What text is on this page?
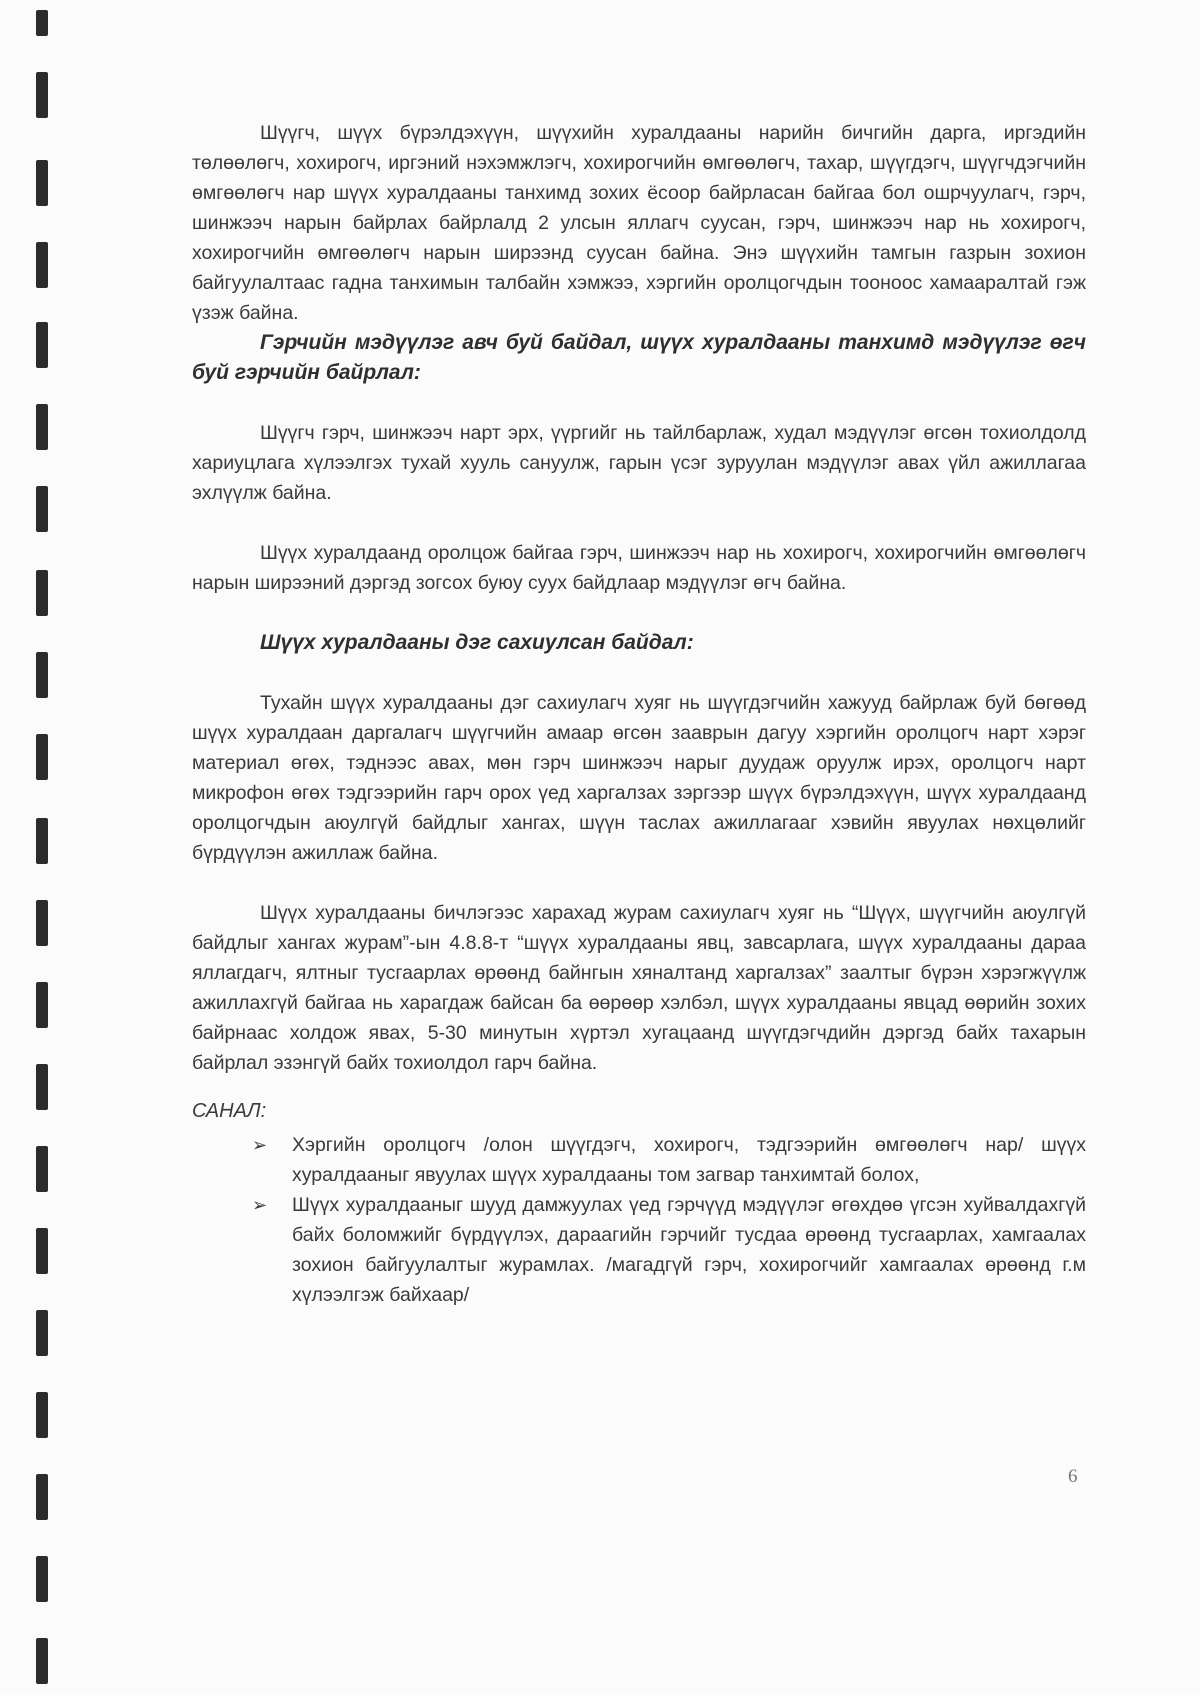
Шүүгч, шүүх бүрэлдэхүүн, шүүхийн хуралдааны нарийн бичгийн дарга, иргэдийн төлөөлөгч, хохирогч, иргэний нэхэмжлэгч, хохирогчийн өмгөөлөгч, тахар, шүүгдэгч, шүүгчдэгчийн өмгөөлөгч нар шүүх хуралдааны танхимд зохих ёсоор байрласан байгаа бол ошрчуулагч, гэрч, шинжээч нарын байрлах байрлалд 2 улсын яллагч суусан, гэрч, шинжээч нар нь хохирогч, хохирогчийн өмгөөлөгч нарын ширээнд суусан байна. Энэ шүүхийн тамгын газрын зохион байгуулалтаас гадна танхимын талбайн хэмжээ, хэргийн оролцогчдын тооноос хамааралтай гэж үзэж байна.

Гэрчийн мэдүүлэг авч буй байдал, шүүх хуралдааны танхимд мэдүүлэг өгч буй гэрчийн байрлал:

Шүүгч гэрч, шинжээч нарт эрх, үүргийг нь тайлбарлаж, худал мэдүүлэг өгсөн тохиолдолд хариуцлага хүлээлгэх тухай хууль сануулж, гарын үсэг зуруулан мэдүүлэг авах үйл ажиллагаа эхлүүлж байна.

Шүүх хуралдаанд оролцож байгаа гэрч, шинжээч нар нь хохирогч, хохирогчийн өмгөөлөгч нарын ширээний дэргэд зогсох буюу суух байдлаар мэдүүлэг өгч байна.

Шүүх хуралдааны дэг сахиулсан байдал:

Тухайн шүүх хуралдааны дэг сахиулагч хуяг нь шүүгдэгчийн хажууд байрлаж буй бөгөөд шүүх хуралдаан даргалагч шүүгчийн амаар өгсөн зааврын дагуу хэргийн оролцогч нарт хэрэг материал өгөх, тэднээс авах, мөн гэрч шинжээч нарыг дуудаж оруулж ирэх, оролцогч нарт микрофон өгөх тэдгээрийн гарч орох үед харгалзах зэргээр шүүх бүрэлдэхүүн, шүүх хуралдаанд оролцогчдын аюулгүй байдлыг хангах, шүүн таслах ажиллагааг хэвийн явуулах нөхцөлийг бүрдүүлэн ажиллаж байна.

Шүүх хуралдааны бичлэгээс харахад журам сахиулагч хуяг нь “Шүүх, шүүгчийн аюулгүй байдлыг хангах журам”-ын 4.8.8-т “шүүх хуралдааны явц, завсарлага, шүүх хуралдааны дараа яллагдагч, ялтныг тусгаарлах өрөөнд байнгын хяналтанд харгалзах” заалтыг бүрэн хэрэгжүүлж ажиллахгүй байгаа нь харагдаж байсан ба өөрөөр хэлбэл, шүүх хуралдааны явцад өөрийн зохих байрнаас холдож явах, 5-30 минутын хүртэл хугацаанд шүүгдэгчдийн дэргэд байх тахарын байрлал эзэнгүй байх тохиолдол гарч байна.

САНАЛ:

➢ Хэргийн оролцогч /олон шүүгдэгч, хохирогч, тэдгээрийн өмгөөлөгч нар/ шүүх хуралдааныг явуулах шүүх хуралдааны том загвар танхимтай болох,
➢ Шүүх хуралдааныг шууд дамжуулах үед гэрчүүд мэдүүлэг өгөхдөө үгсэн хуйвалдахгүй байх боломжийг бүрдүүлэх, дараагийн гэрчийг тусдаа өрөөнд тусгаарлах, хамгаалах зохион байгуулалтыг журамлах. /магадгүй гэрч, хохирогчийг хамгаалах өрөөнд г.м хүлээлгэж байхаар/
6
